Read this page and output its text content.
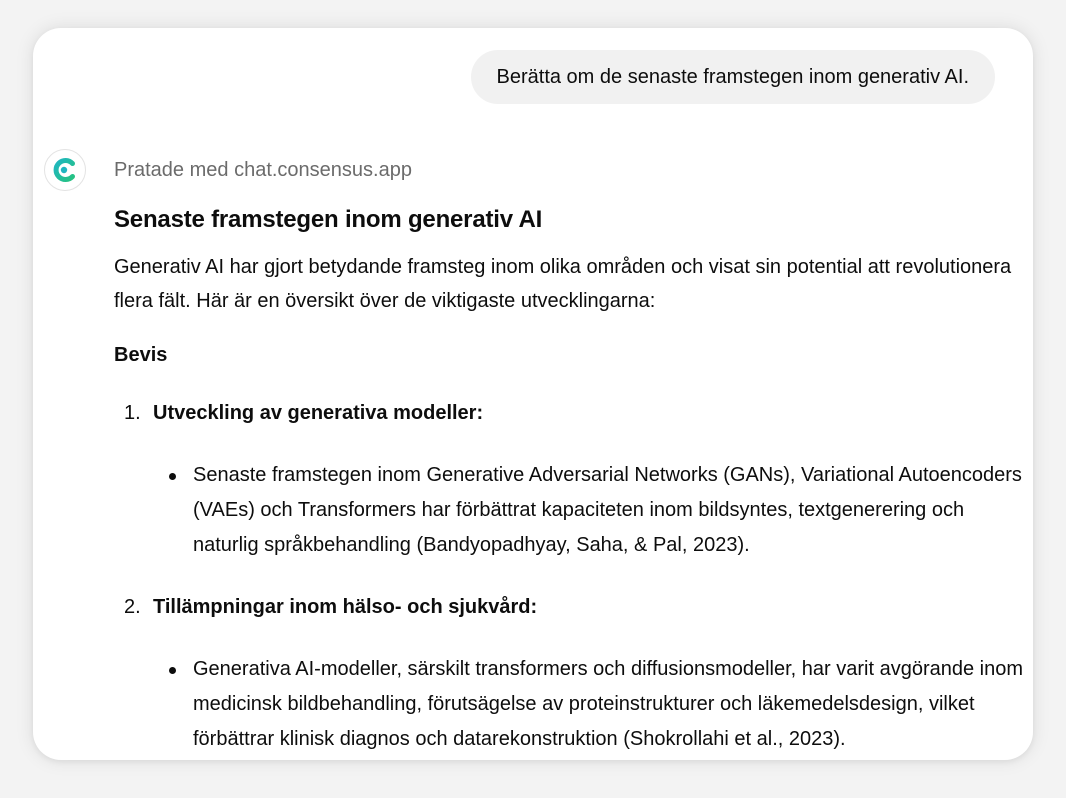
Berätta om de senaste framstegen inom generativ AI.

Pratade med chat.consensus.app

Senaste framstegen inom generativ AI

Generativ AI har gjort betydande framsteg inom olika områden och visat sin potential att revolutionera flera fält. Här är en översikt över de viktigaste utvecklingarna:

Bevis
1. Utveckling av generativa modeller:
Senaste framstegen inom Generative Adversarial Networks (GANs), Variational Autoencoders (VAEs) och Transformers har förbättrat kapaciteten inom bildsyntes, textgenerering och naturlig språkbehandling (Bandyopadhyay, Saha, & Pal, 2023).
2. Tillämpningar inom hälso- och sjukvård:
Generativa AI-modeller, särskilt transformers och diffusionsmodeller, har varit avgörande inom medicinsk bildbehandling, förutsägelse av proteinstrukturer och läkemedelsdesign, vilket förbättrar klinisk diagnos och datarekonstruktion (Shokrollahi et al., 2023).
